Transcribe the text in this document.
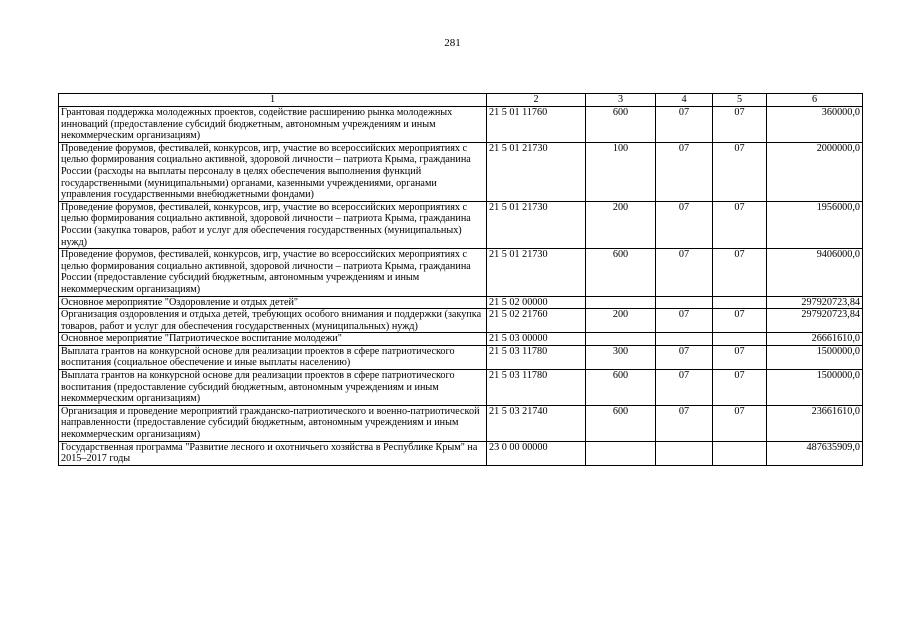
281
1	2	3	4	5	6
Грантовая поддержка молодежных проектов, содействие расширению рынка молодежных инноваций (предоставление субсидий бюджетным, автономным учреждениям и иным некоммерческим организациям)	21 5 01 11760	600	07	07	360000,0
Проведение форумов, фестивалей, конкурсов, игр, участие во всероссийских мероприятиях с целью формирования социально активной, здоровой личности – патриота Крыма, гражданина России (расходы на выплаты персоналу в целях обеспечения выполнения функций государственными (муниципальными) органами, казенными учреждениями, органами управления государственными внебюджетными фондами)	21 5 01 21730	100	07	07	2000000,0
Проведение форумов, фестивалей, конкурсов, игр, участие во всероссийских мероприятиях с целью формирования социально активной, здоровой личности – патриота Крыма, гражданина России (закупка товаров, работ и услуг для обеспечения государственных (муниципальных) нужд)	21 5 01 21730	200	07	07	1956000,0
Проведение форумов, фестивалей, конкурсов, игр, участие во всероссийских мероприятиях с целью формирования социально активной, здоровой личности – патриота Крыма, гражданина России (предоставление субсидий бюджетным, автономным учреждениям и иным некоммерческим организациям)	21 5 01 21730	600	07	07	9406000,0
Основное мероприятие "Оздоровление и отдых детей"	21 5 02 00000				297920723,84
Организация оздоровления и отдыха детей, требующих особого внимания и поддержки (закупка товаров, работ и услуг для обеспечения государственных (муниципальных) нужд)	21 5 02 21760	200	07	07	297920723,84
Основное мероприятие "Патриотическое воспитание молодежи"	21 5 03 00000				26661610,0
Выплата грантов на конкурсной основе для реализации проектов в сфере патриотического воспитания (социальное обеспечение и иные выплаты населению)	21 5 03 11780	300	07	07	1500000,0
Выплата грантов на конкурсной основе для реализации проектов в сфере патриотического воспитания (предоставление субсидий бюджетным, автономным учреждениям и иным некоммерческим организациям)	21 5 03 11780	600	07	07	1500000,0
Организация и проведение мероприятий гражданско-патриотического и военно-патриотической направленности (предоставление субсидий бюджетным, автономным учреждениям и иным некоммерческим организациям)	21 5 03 21740	600	07	07	23661610,0
Государственная программа "Развитие лесного и охотничьего хозяйства в Республике Крым" на 2015–2017 годы	23 0 00 00000				487635909,0
